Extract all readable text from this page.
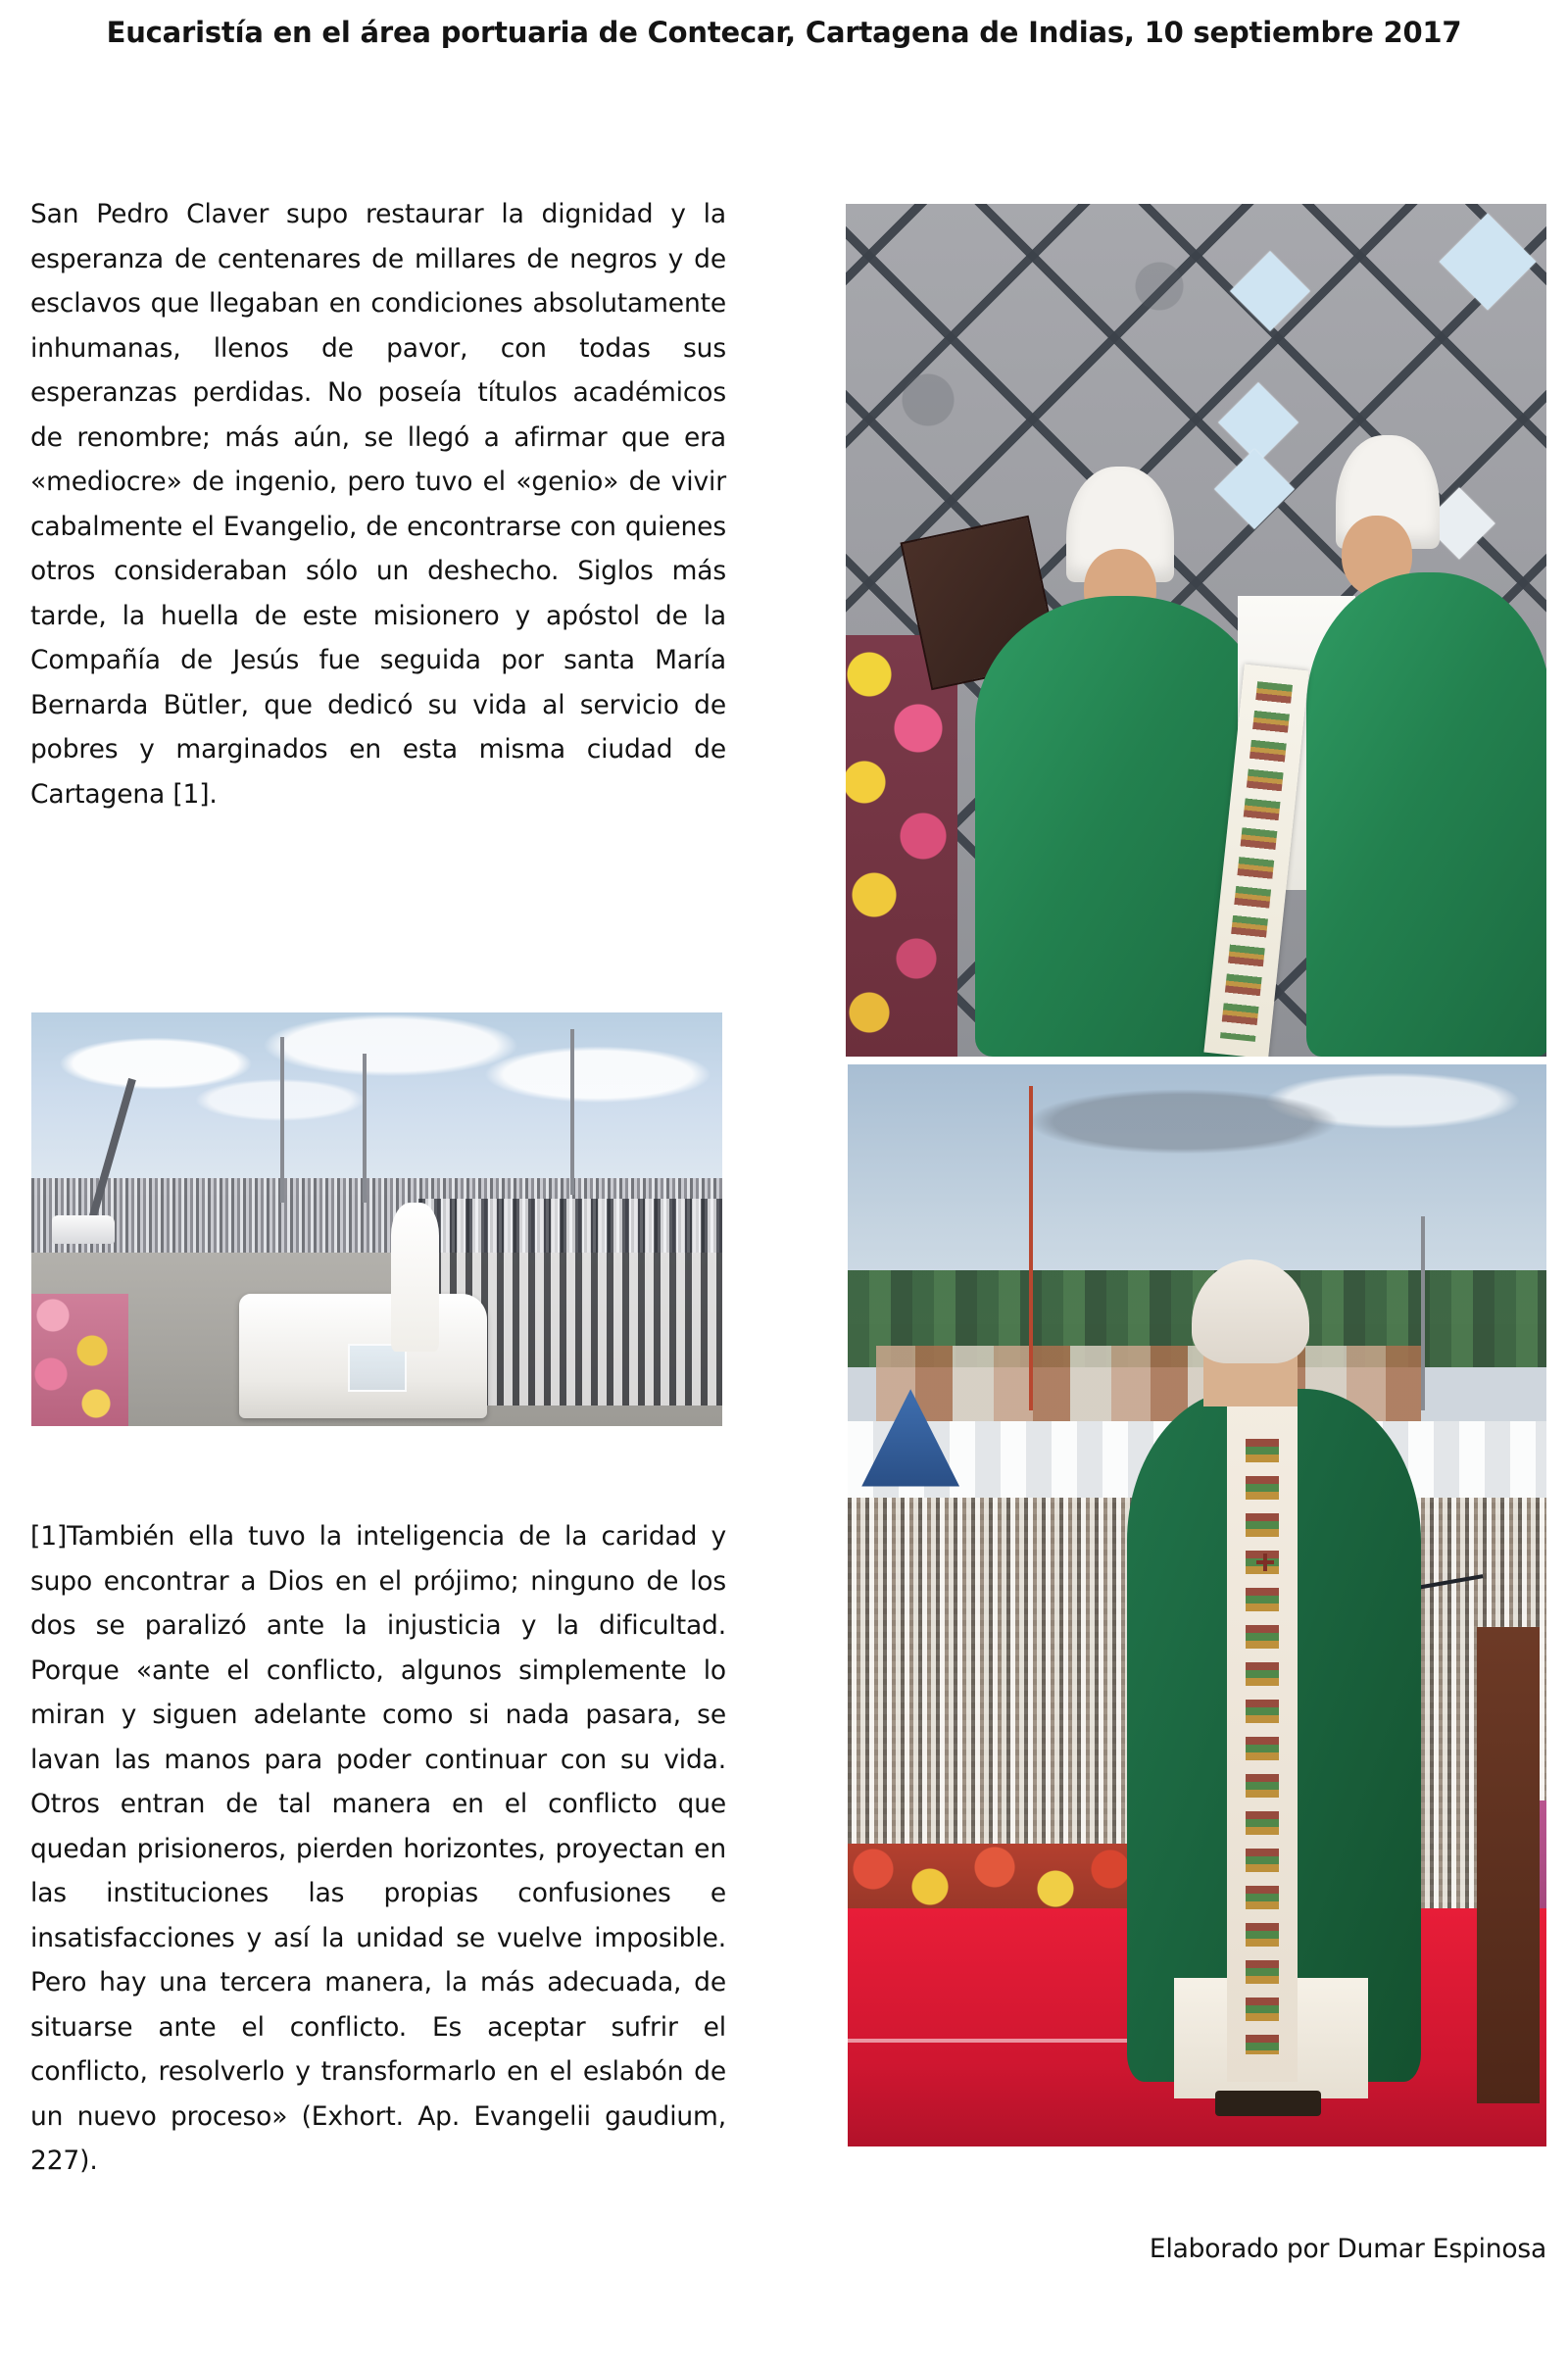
Eucaristía en el área portuaria de Contecar, Cartagena de Indias, 10 septiembre 2017
San Pedro Claver supo restaurar la dignidad y la esperanza de centenares de millares de negros y de esclavos que llegaban en condiciones absolutamente inhumanas, llenos de pavor, con todas sus esperanzas perdidas. No poseía títulos académicos de renombre; más aún, se llegó a afirmar que era «mediocre» de ingenio, pero tuvo el «genio» de vivir cabalmente el Evangelio, de encontrarse con quienes otros consideraban sólo un deshecho. Siglos más tarde, la huella de este misionero y apóstol de la Compañía de Jesús fue seguida por santa María Bernarda Bütler, que dedicó su vida al servicio de pobres y marginados en esta misma ciudad de Cartagena [1].
[1]También ella tuvo la inteligencia de la caridad y supo encontrar a Dios en el prójimo; ninguno de los dos se paralizó ante la injusticia y la dificultad. Porque «ante el conflicto, algunos simplemente lo miran y siguen adelante como si nada pasara, se lavan las manos para poder continuar con su vida. Otros entran de tal manera en el conflicto que quedan prisioneros, pierden horizontes, proyectan en las instituciones las propias confusiones e insatisfacciones y así la unidad se vuelve imposible. Pero hay una tercera manera, la más adecuada, de situarse ante el conflicto. Es aceptar sufrir el conflicto, resolverlo y transformarlo en el eslabón de un nuevo proceso» (Exhort. Ap. Evangelii gaudium, 227).
Elaborado por Dumar Espinosa
